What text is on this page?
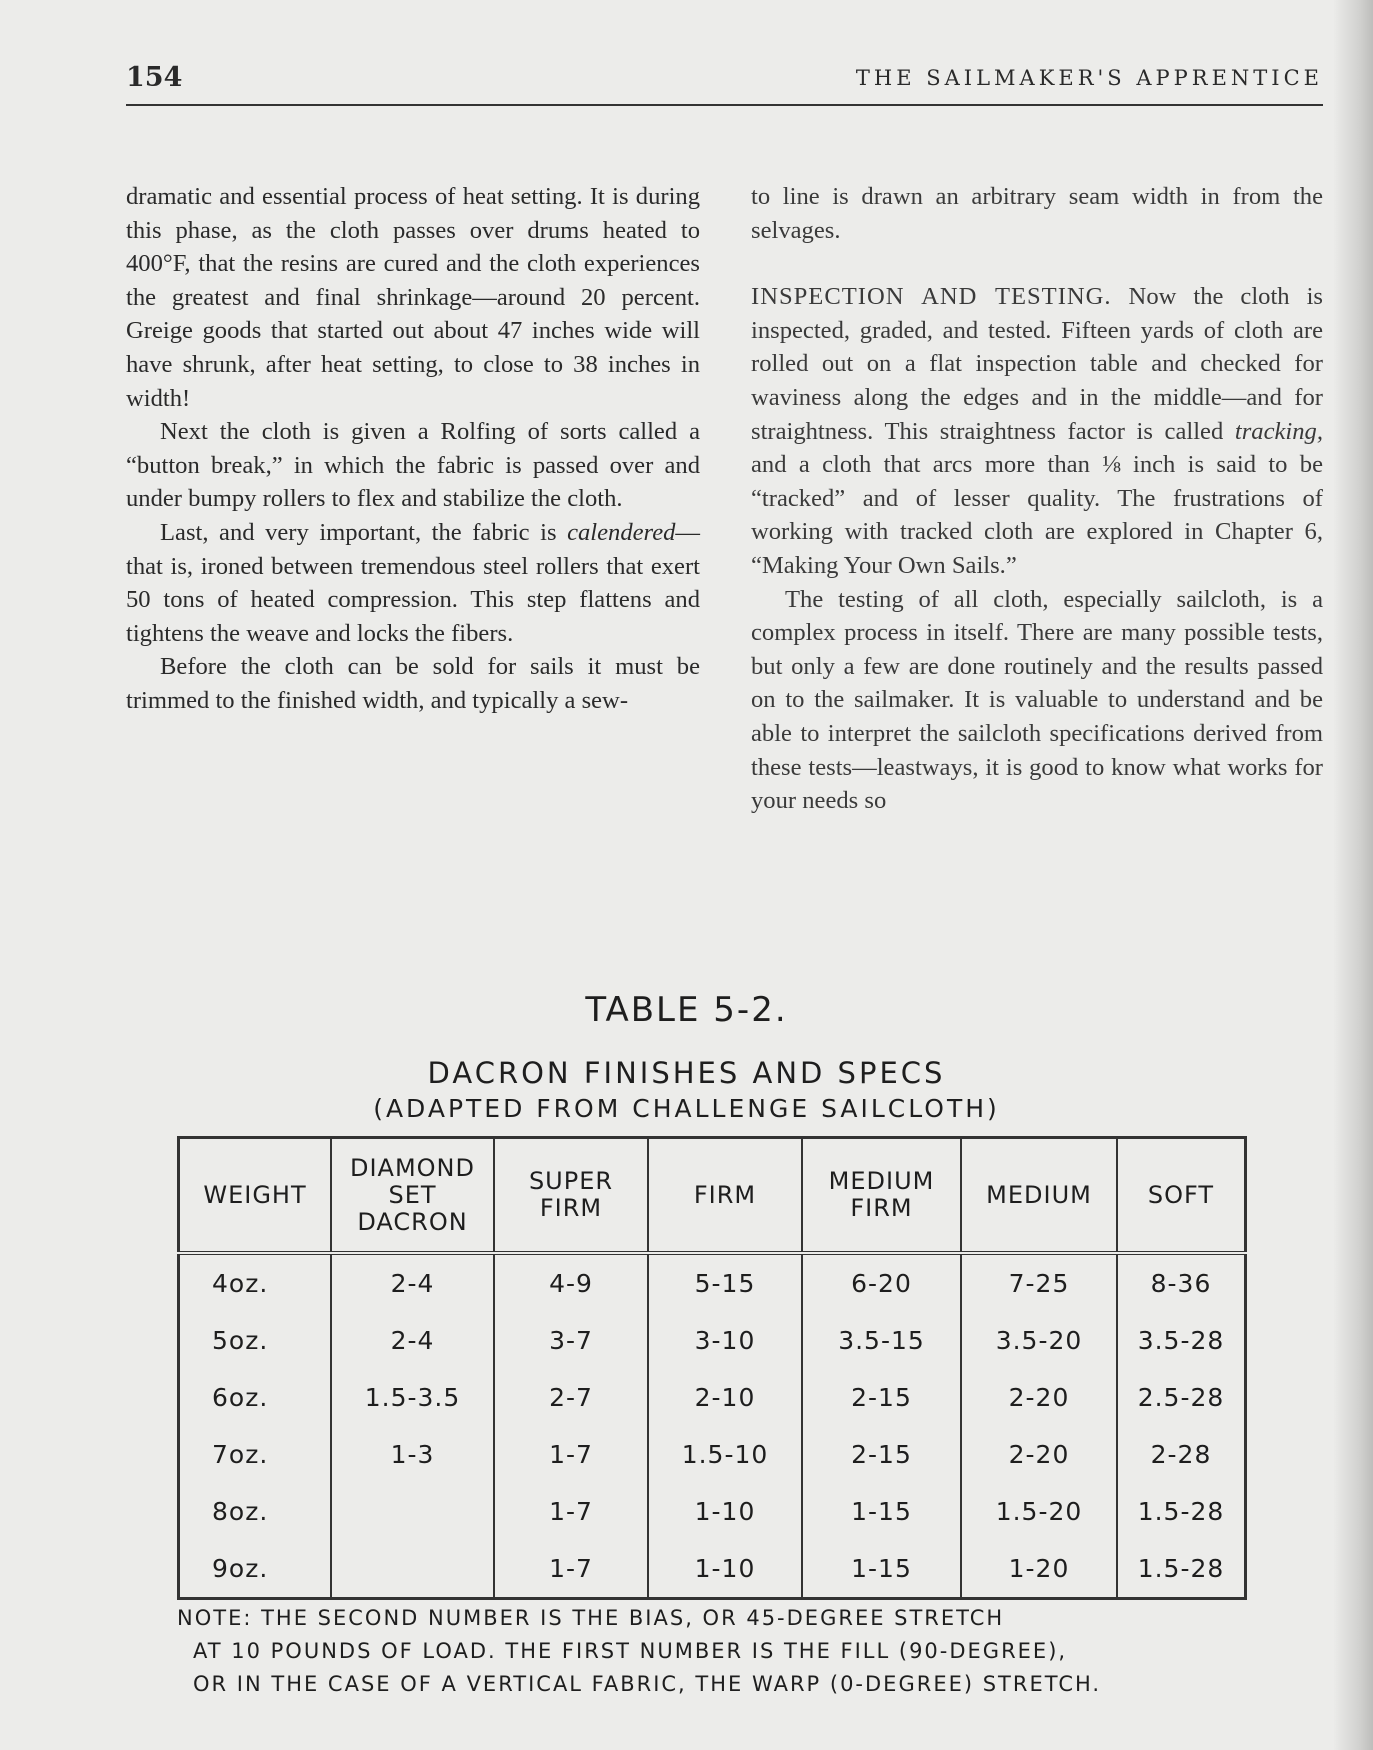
154	THE SAILMAKER'S APPRENTICE

dramatic and essential process of heat setting. It is during this phase, as the cloth passes over drums heated to 400°F, that the resins are cured and the cloth experiences the greatest and final shrinkage—around 20 percent. Greige goods that started out about 47 inches wide will have shrunk, after heat setting, to close to 38 inches in width!

Next the cloth is given a Rolfing of sorts called a “button break,” in which the fabric is passed over and under bumpy rollers to flex and stabilize the cloth.

Last, and very important, the fabric is calendered—that is, ironed between tremendous steel rollers that exert 50 tons of heated compression. This step flattens and tightens the weave and locks the fibers.

Before the cloth can be sold for sails it must be trimmed to the finished width, and typically a sew-

to line is drawn an arbitrary seam width in from the selvages.

INSPECTION AND TESTING. Now the cloth is inspected, graded, and tested. Fifteen yards of cloth are rolled out on a flat inspection table and checked for waviness along the edges and in the middle—and for straightness. This straightness factor is called tracking, and a cloth that arcs more than ⅛ inch is said to be “tracked” and of lesser quality. The frustrations of working with tracked cloth are explored in Chapter 6, “Making Your Own Sails.”

The testing of all cloth, especially sailcloth, is a complex process in itself. There are many possible tests, but only a few are done routinely and the results passed on to the sailmaker. It is valuable to understand and be able to interpret the sailcloth specifications derived from these tests—leastways, it is good to know what works for your needs so

TABLE 5-2.
DACRON FINISHES AND SPECS
(ADAPTED FROM CHALLENGE SAILCLOTH)
WEIGHT	DIAMOND SET DACRON	SUPER FIRM	FIRM	MEDIUM FIRM	MEDIUM	SOFT
4oz.	2-4	4-9	5-15	6-20	7-25	8-36
5oz.	2-4	3-7	3-10	3.5-15	3.5-20	3.5-28
6oz.	1.5-3.5	2-7	2-10	2-15	2-20	2.5-28
7oz.	1-3	1-7	1.5-10	2-15	2-20	2-28
8oz.		1-7	1-10	1-15	1.5-20	1.5-28
9oz.		1-7	1-10	1-15	1-20	1.5-28
NOTE: THE SECOND NUMBER IS THE BIAS, OR 45-DEGREE STRETCH
AT 10 POUNDS OF LOAD. THE FIRST NUMBER IS THE FILL (90-DEGREE),
OR IN THE CASE OF A VERTICAL FABRIC, THE WARP (0-DEGREE) STRETCH.
